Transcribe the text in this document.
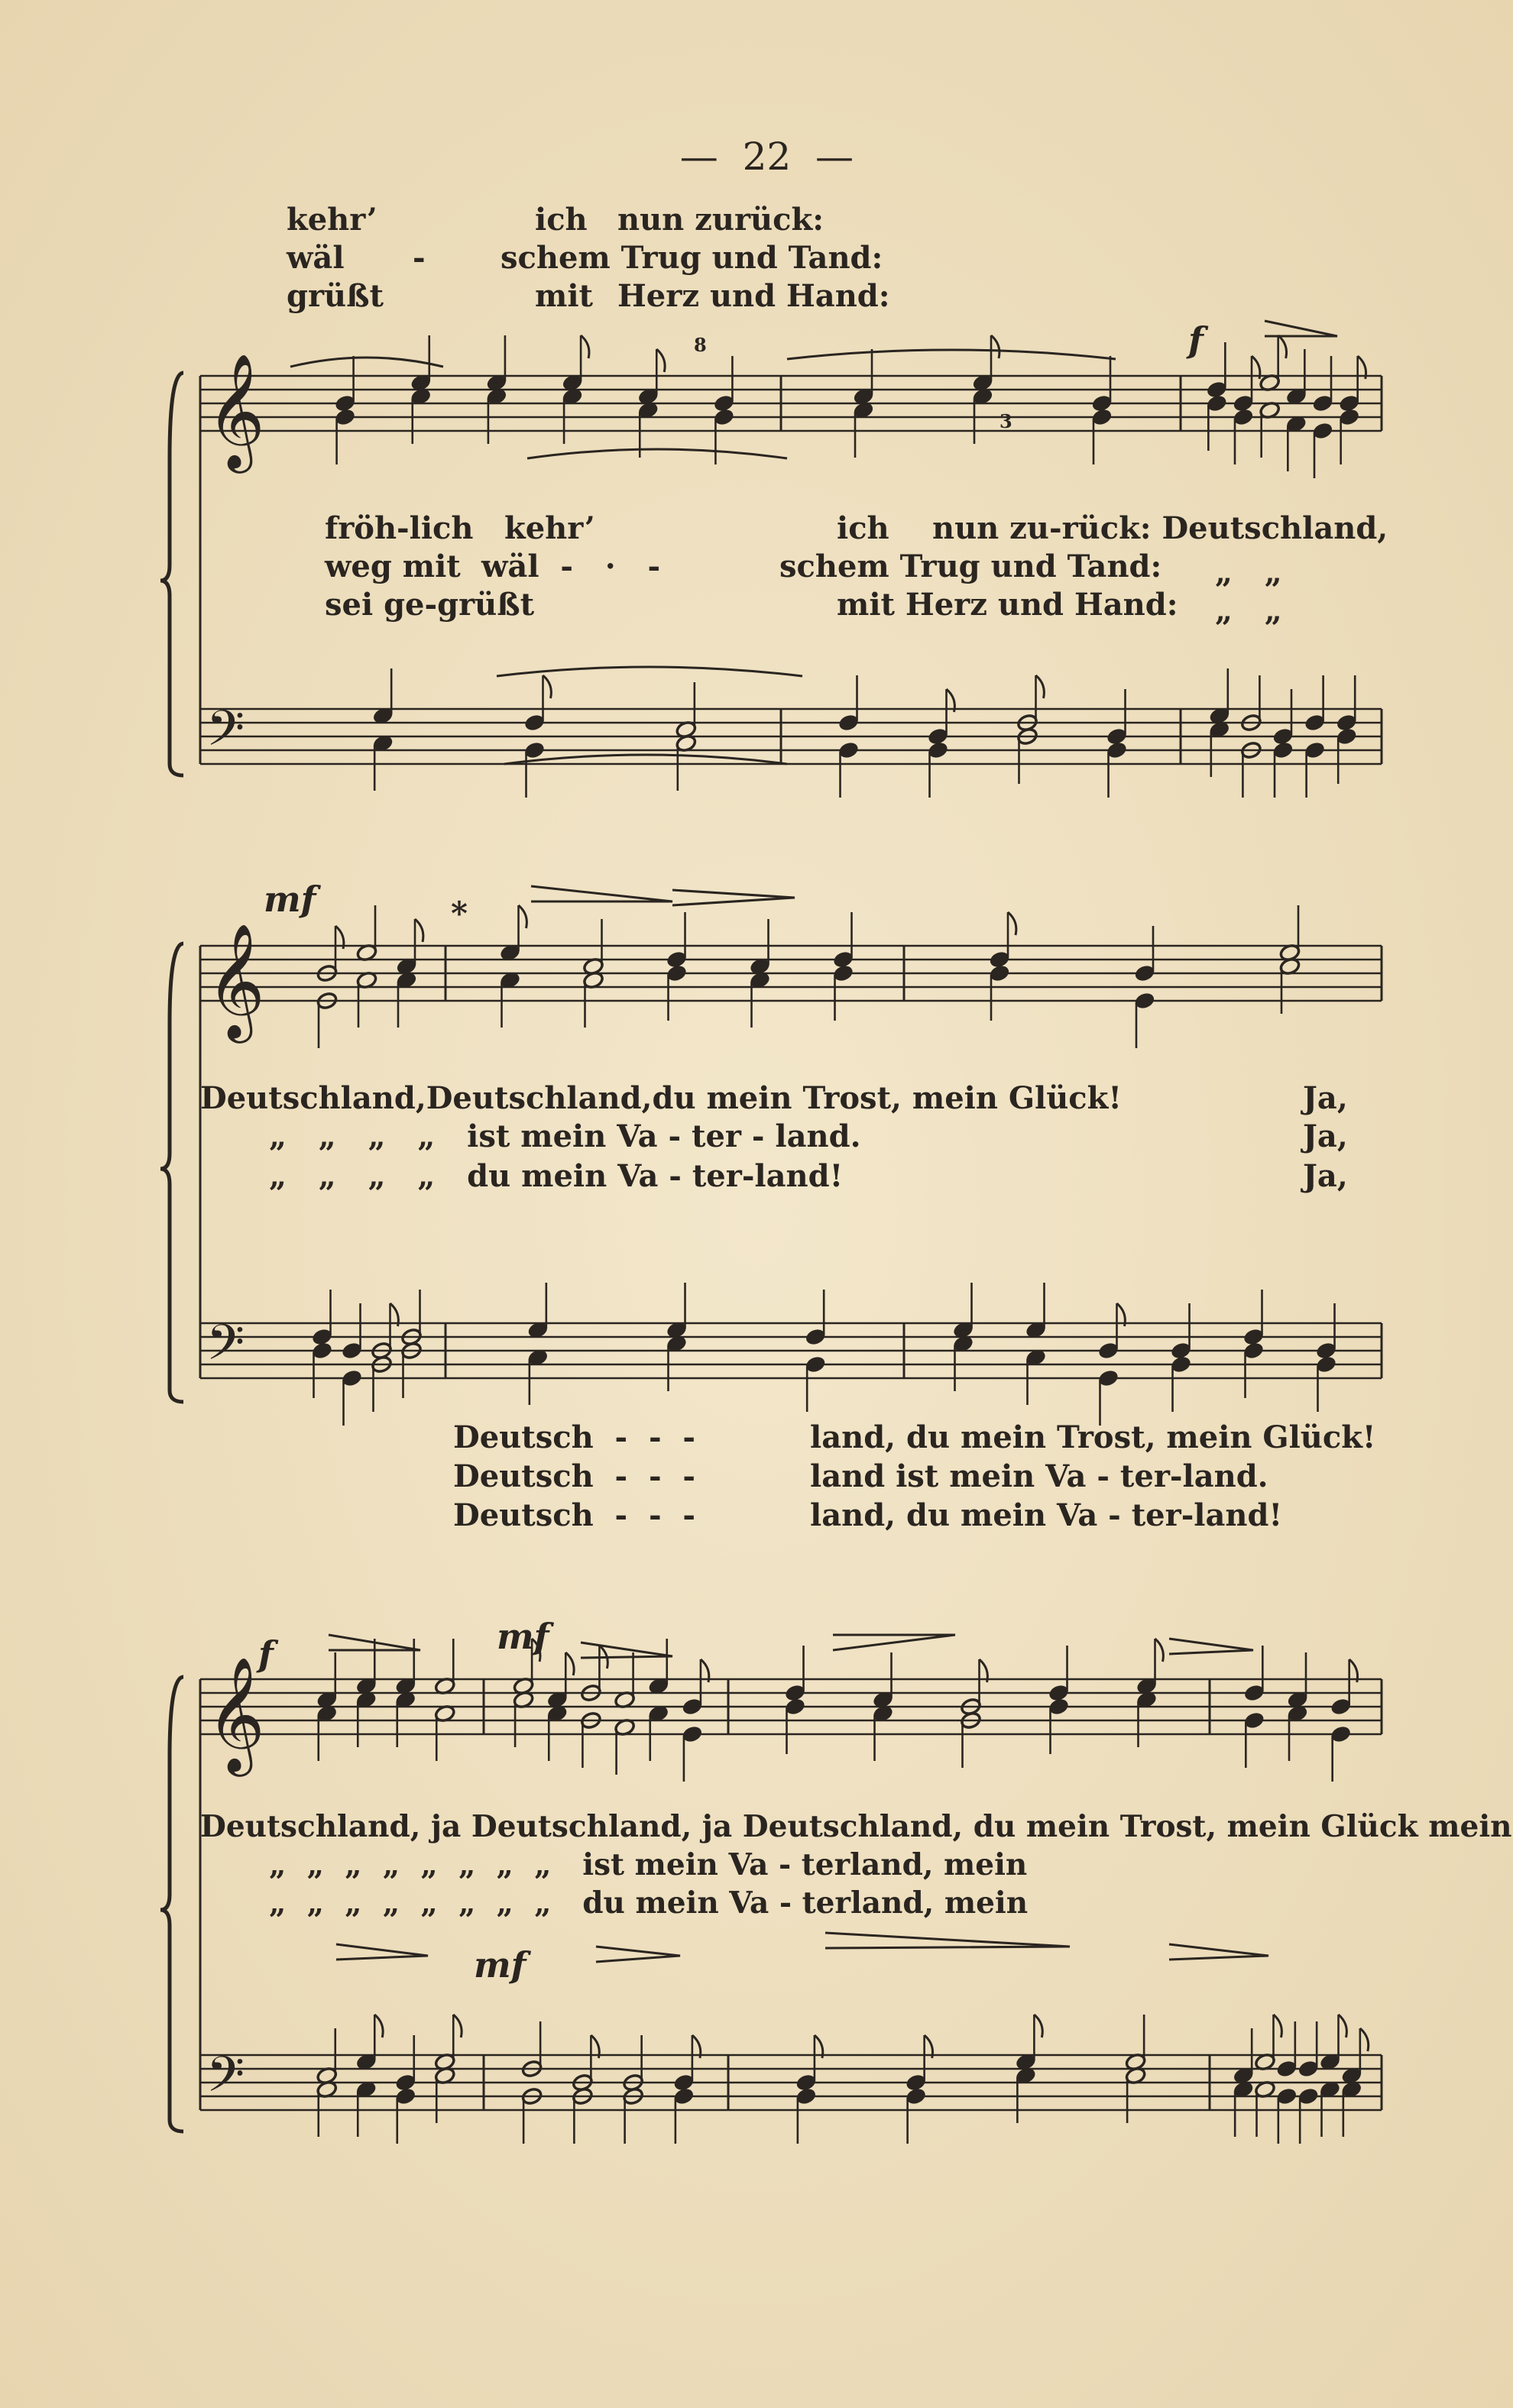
𝄞
𝄢
𝄞
𝄢
𝄞
𝄢

—  22  —

kehr’	ich nun zurück:
wäl - schem Trug und Tand:
grüßt	mit Herz und Hand:
8
3
f
fröh-lich kehr’	ich nun zu-rück: Deutschland,
weg mit wäl  -   ·   -	schem Trug und Tand: „   „
sei ge-grüßt	mit Herz und Hand: „   „
mf	*
Deutschland,Deutschland,du mein Trost, mein Glück!	Ja,
„   „   „   „   ist mein Va - ter - land.	Ja,
„   „   „   „   du mein Va - ter-land!	Ja,
Deutsch  -  -  -	land, du mein Trost, mein Glück!
Deutsch  -  -  -	land ist mein Va - ter-land.
Deutsch  -  -  -	land, du mein Va - ter-land!
f	mf
mf
Deutschland, ja Deutschland, ja Deutschland, du mein Trost, mein Glück mein
„  „  „  „  „  „  „  „   ist mein Va - terland, mein
„  „  „  „  „  „  „  „   du mein Va - terland, mein
